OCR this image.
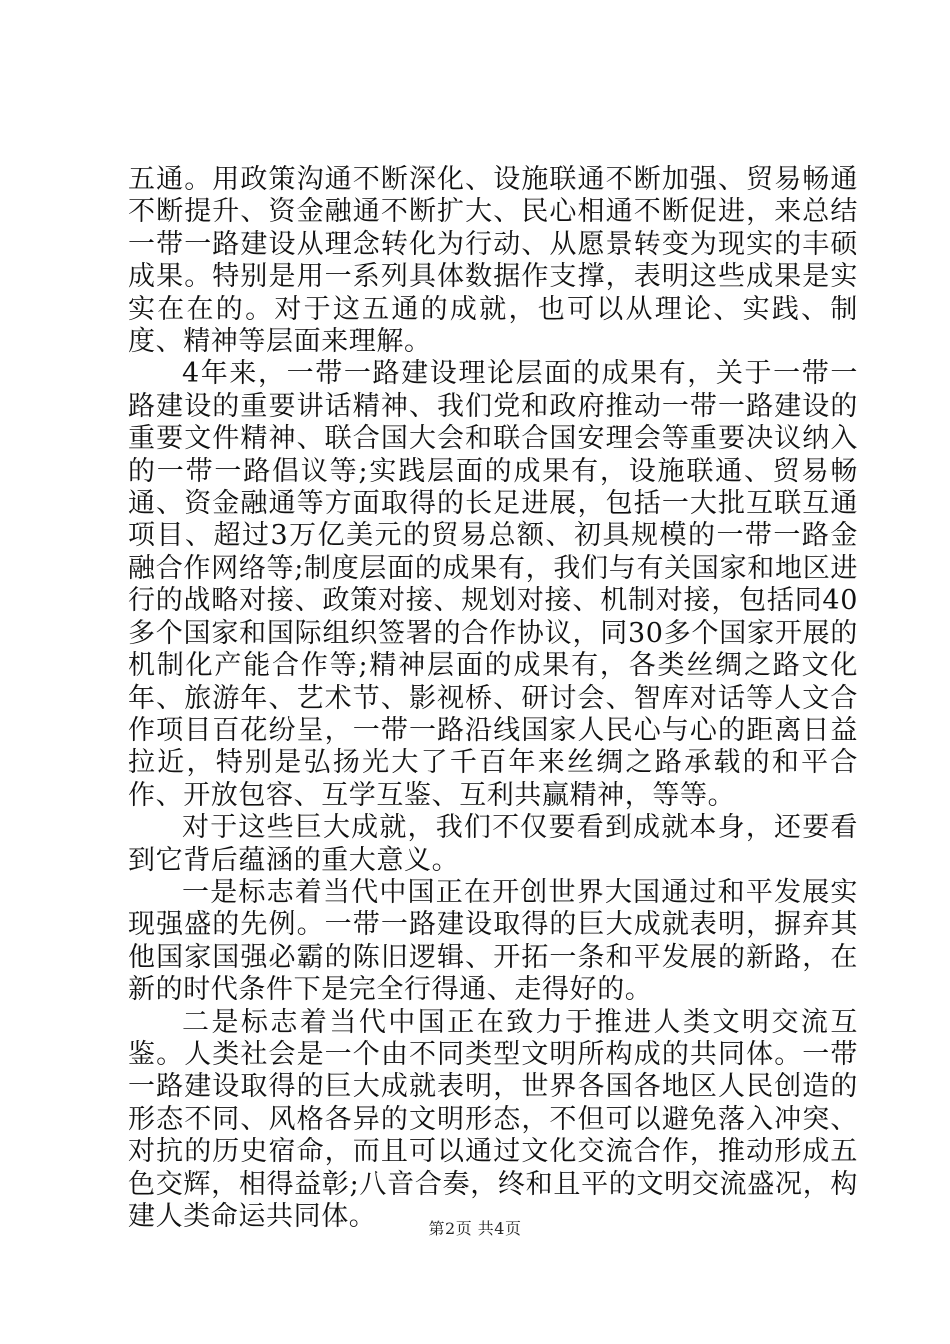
五通。用政策沟通不断深化、设施联通不断加强、贸易畅通不断提升、资金融通不断扩大、民心相通不断促进，来总结一带一路建设从理念转化为行动、从愿景转变为现实的丰硕成果。特别是用一系列具体数据作支撑，表明这些成果是实实在在的。对于这五通的成就，也可以从理论、实践、制度、精神等层面来理解。

4年来，一带一路建设理论层面的成果有，关于一带一路建设的重要讲话精神、我们党和政府推动一带一路建设的重要文件精神、联合国大会和联合国安理会等重要决议纳入的一带一路倡议等;实践层面的成果有，设施联通、贸易畅通、资金融通等方面取得的长足进展，包括一大批互联互通项目、超过3万亿美元的贸易总额、初具规模的一带一路金融合作网络等;制度层面的成果有，我们与有关国家和地区进行的战略对接、政策对接、规划对接、机制对接，包括同40多个国家和国际组织签署的合作协议，同30多个国家开展的机制化产能合作等;精神层面的成果有，各类丝绸之路文化年、旅游年、艺术节、影视桥、研讨会、智库对话等人文合作项目百花纷呈，一带一路沿线国家人民心与心的距离日益拉近，特别是弘扬光大了千百年来丝绸之路承载的和平合作、开放包容、互学互鉴、互利共赢精神，等等。

对于这些巨大成就，我们不仅要看到成就本身，还要看到它背后蕴涵的重大意义。

一是标志着当代中国正在开创世界大国通过和平发展实现强盛的先例。一带一路建设取得的巨大成就表明，摒弃其他国家国强必霸的陈旧逻辑、开拓一条和平发展的新路，在新的时代条件下是完全行得通、走得好的。

二是标志着当代中国正在致力于推进人类文明交流互鉴。人类社会是一个由不同类型文明所构成的共同体。一带一路建设取得的巨大成就表明，世界各国各地区人民创造的形态不同、风格各异的文明形态，不但可以避免落入冲突、对抗的历史宿命，而且可以通过文化交流合作，推动形成五色交辉，相得益彰;八音合奏，终和且平的文明交流盛况，构建人类命运共同体。	第2页 共4页
